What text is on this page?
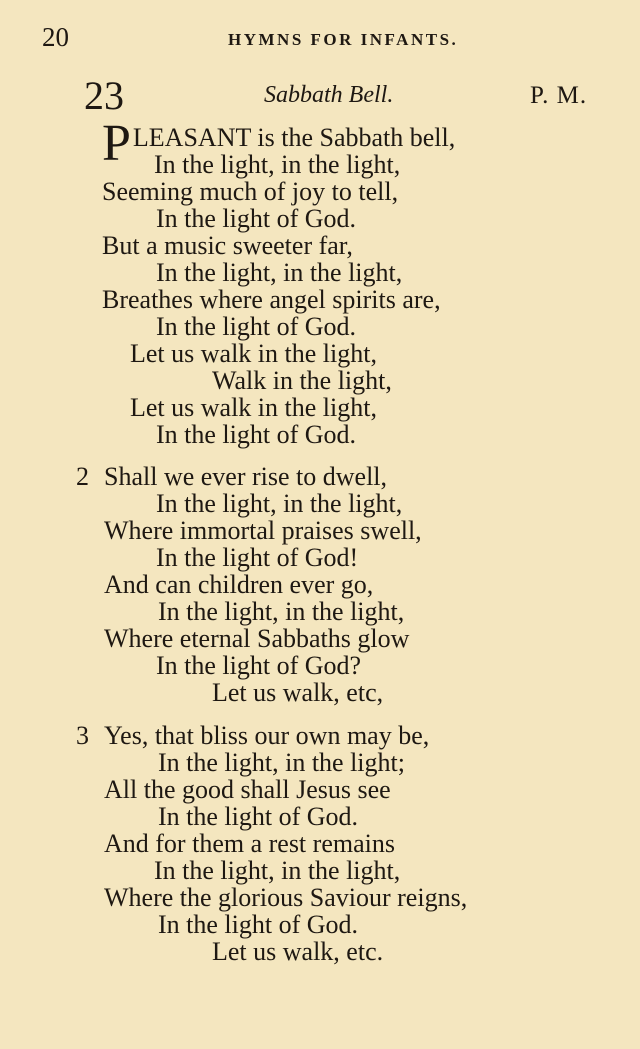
20	HYMNS FOR INFANTS.
23	Sabbath Bell.	P. M.
PLEASANT is the Sabbath bell,
In the light, in the light,
Seeming much of joy to tell,
In the light of God.
But a music sweeter far,
In the light, in the light,
Breathes where angel spirits are,
In the light of God.
Let us walk in the light,
Walk in the light,
Let us walk in the light,
In the light of God.
2 Shall we ever rise to dwell,
In the light, in the light,
Where immortal praises swell,
In the light of God!
And can children ever go,
In the light, in the light,
Where eternal Sabbaths glow
In the light of God?
Let us walk, etc,
3 Yes, that bliss our own may be,
In the light, in the light;
All the good shall Jesus see
In the light of God.
And for them a rest remains
In the light, in the light,
Where the glorious Saviour reigns,
In the light of God.
Let us walk, etc.
